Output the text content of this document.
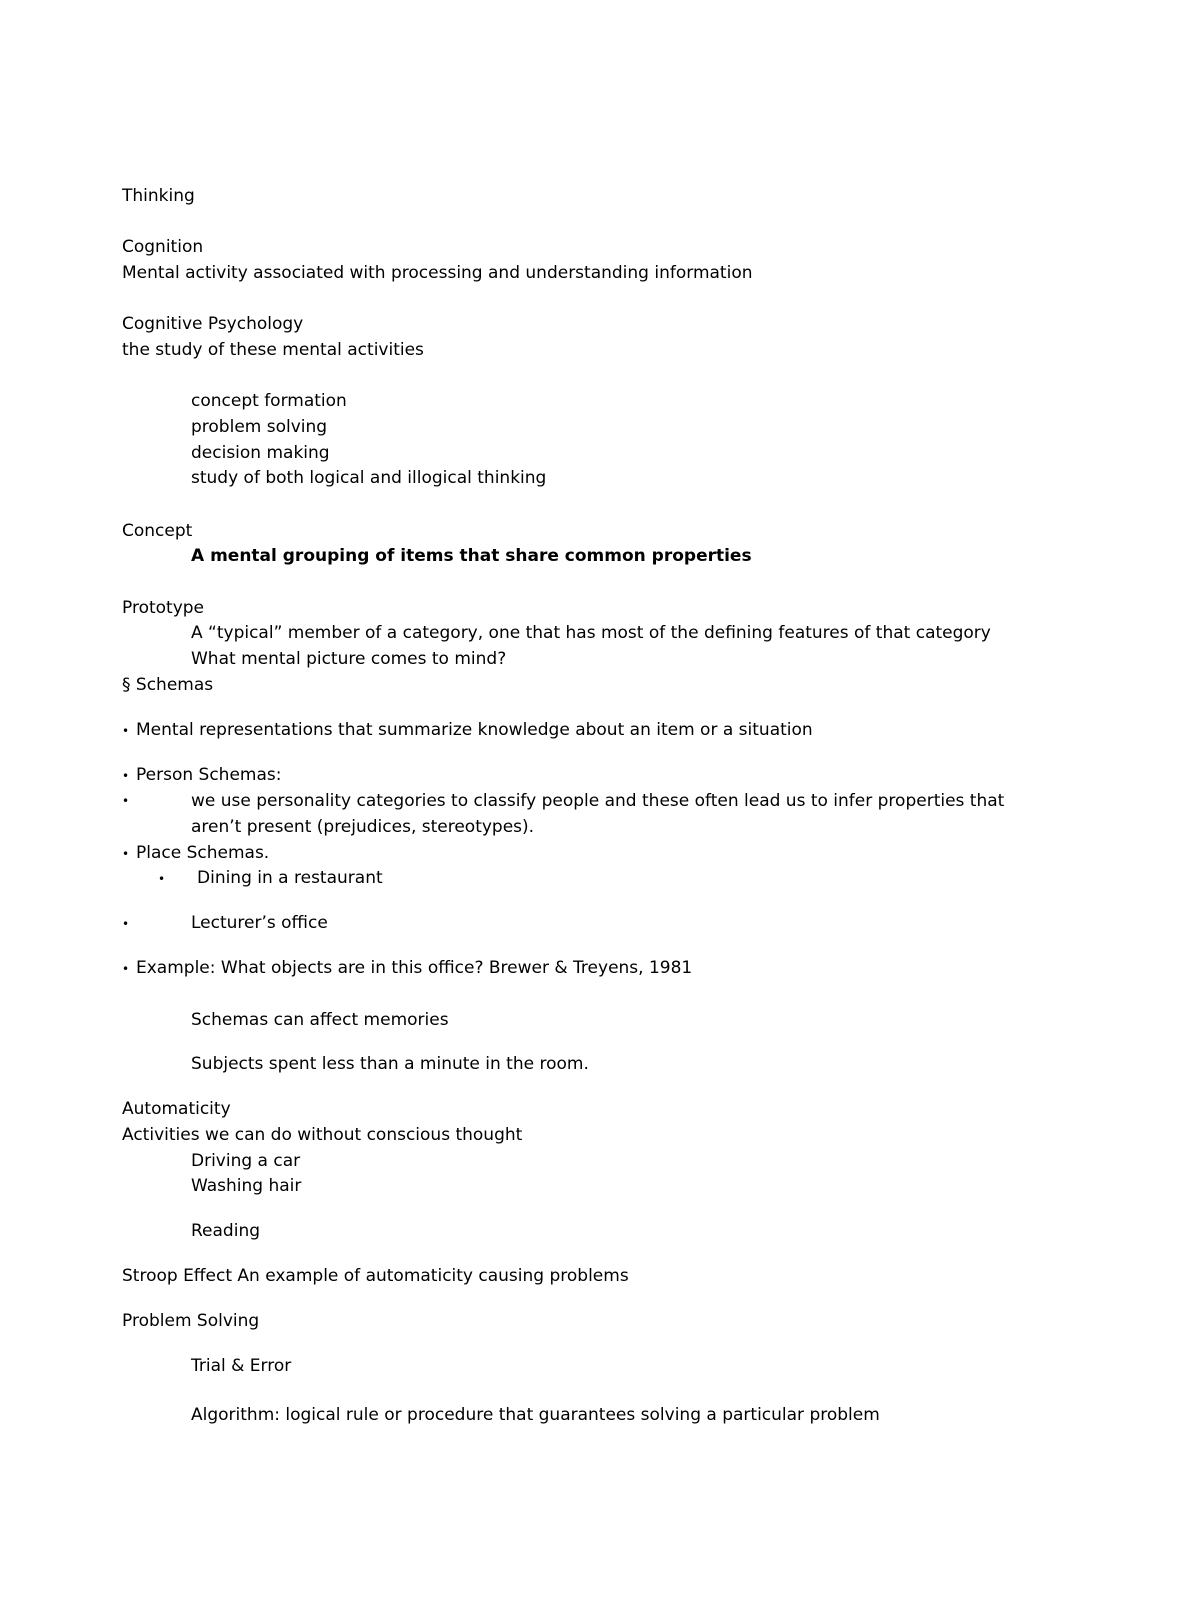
Thinking

Cognition

Mental activity associated with processing and understanding information

Cognitive Psychology

the study of these mental activities

concept formation

problem solving

decision making

study of both logical and illogical thinking

Concept

A mental grouping of items that share common properties

Prototype

A “typical” member of a category, one that has most of the defining features of that category

What mental picture comes to mind?

§ Schemas

• Mental representations that summarize knowledge about an item or a situation

• Person Schemas:

•	we use personality categories to classify people and these often lead us to infer properties that

aren’t present (prejudices, stereotypes).

• Place Schemas.

• Dining in a restaurant

•	Lecturer’s office

• Example: What objects are in this office? Brewer & Treyens, 1981

Schemas can affect memories

Subjects spent less than a minute in the room.

Automaticity

Activities we can do without conscious thought

Driving a car

Washing hair

Reading

Stroop Effect An example of automaticity causing problems

Problem Solving

Trial & Error

Algorithm: logical rule or procedure that guarantees solving a particular problem
